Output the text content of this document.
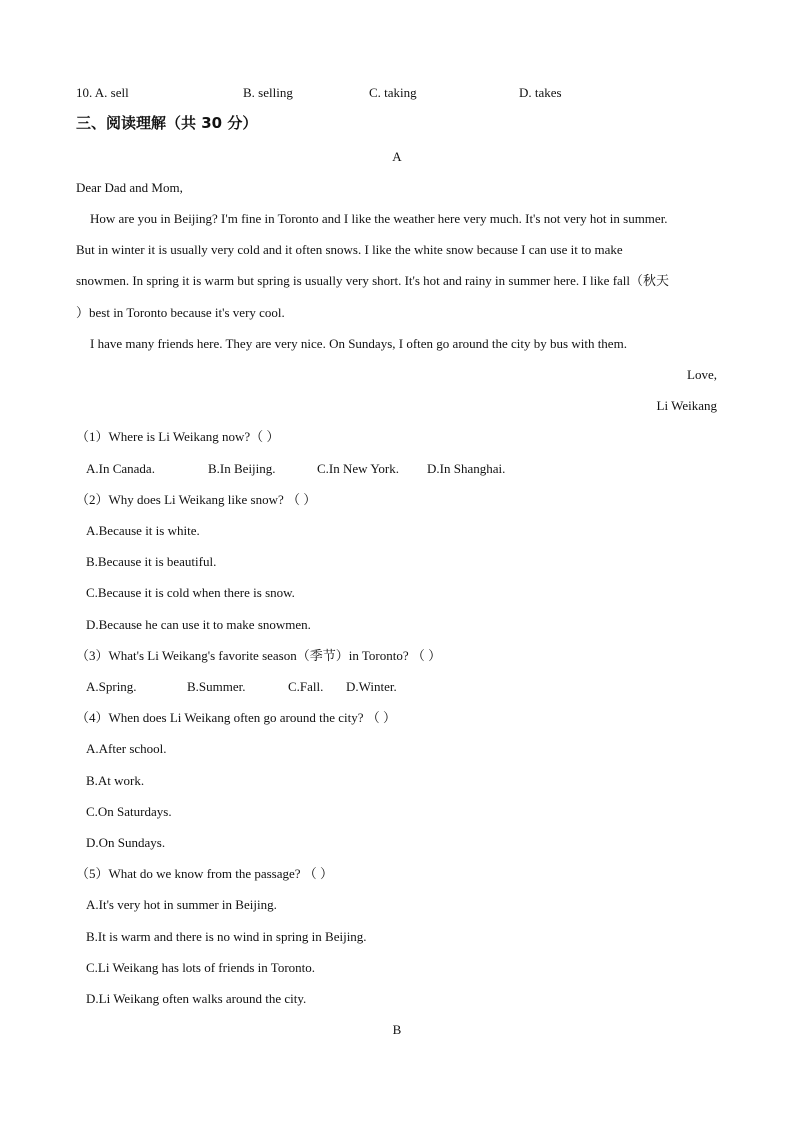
10. A. sell	B. selling	C. taking	D. takes
三、阅读理解（共 30 分）
A
Dear Dad and Mom,
How are you in Beijing? I'm fine in Toronto and I like the weather here very much. It's not very hot in summer.
But in winter it is usually very cold and it often snows. I like the white snow because I can use it to make
snowmen. In spring it is warm but spring is usually very short. It's hot and rainy in summer here. I like fall（秋天
）best in Toronto because it's very cool.
I have many friends here. They are very nice. On Sundays, I often go around the city by bus with them.
Love,
Li Weikang
（1）Where is Li Weikang now?（ ）
A.In Canada.	B.In Beijing.	C.In New York. D.In Shanghai.
（2）Why does Li Weikang like snow? （ ）
A.Because it is white.
B.Because it is beautiful.
C.Because it is cold when there is snow.
D.Because he can use it to make snowmen.
（3）What's Li Weikang's favorite season（季节）in Toronto? （ ）
A.Spring.	B.Summer.	C.Fall. D.Winter.
（4）When does Li Weikang often go around the city? （ ）
A.After school.
B.At work.
C.On Saturdays.
D.On Sundays.
（5）What do we know from the passage? （ ）
A.It's very hot in summer in Beijing.
B.It is warm and there is no wind in spring in Beijing.
C.Li Weikang has lots of friends in Toronto.
D.Li Weikang often walks around the city.
B
